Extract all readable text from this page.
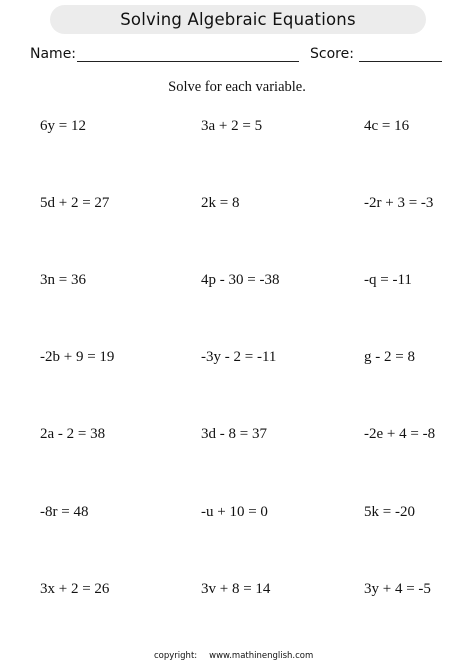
Solving Algebraic Equations
Name:	Score:
Solve for each variable.
6y = 12	3a + 2 = 5	4c = 16
5d + 2 = 27	2k = 8	-2r + 3 = -3
3n = 36	4p - 30 = -38	-q = -11
-2b + 9 = 19	-3y - 2 = -11	g - 2 = 8
2a - 2 = 38	3d - 8 = 37	-2e + 4 = -8
-8r = 48	-u + 10 = 0	5k = -20
3x + 2 = 26	3v + 8 = 14	3y + 4 = -5
copyright: www.mathinenglish.com
